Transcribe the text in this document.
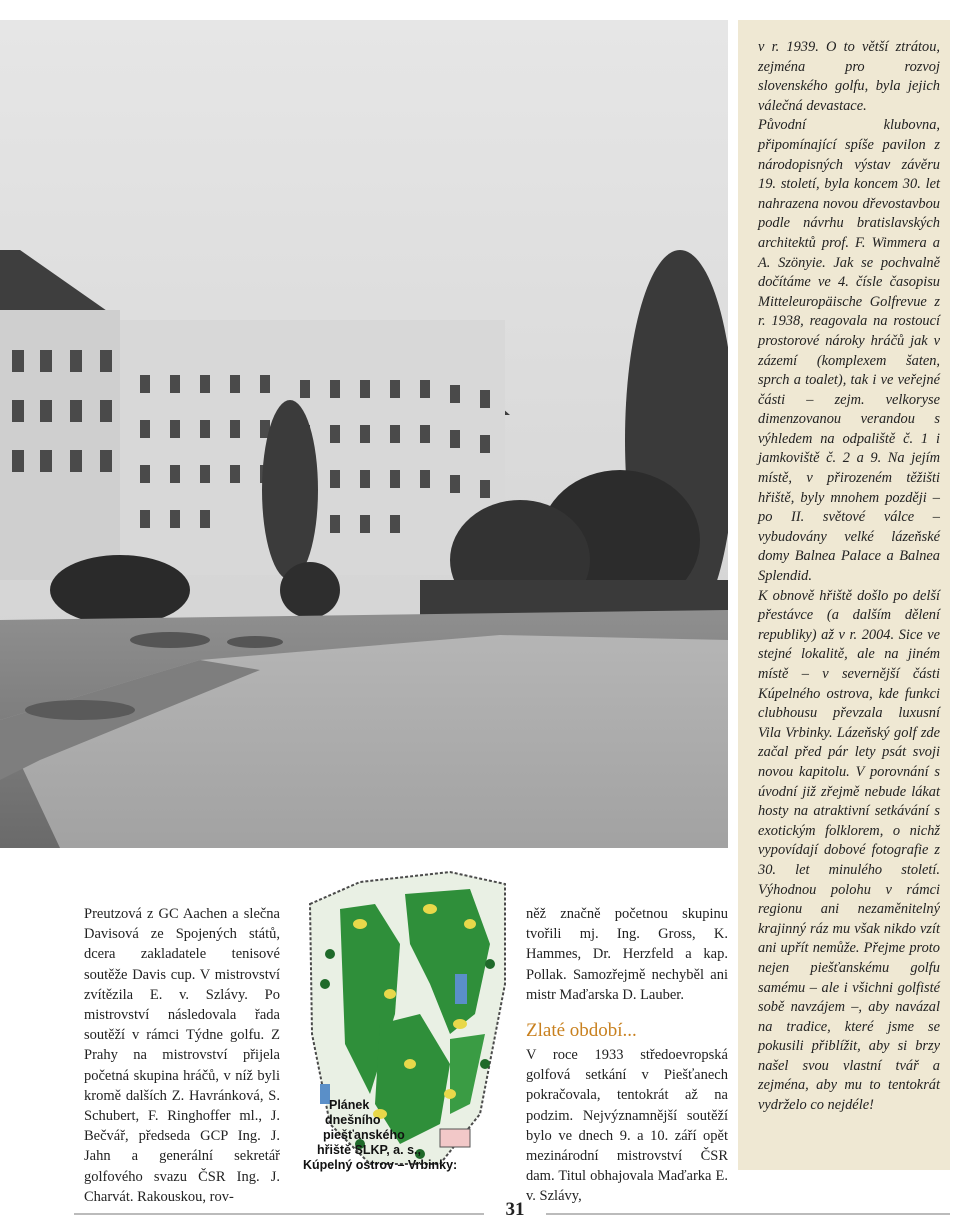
v r. 1939. O to větší ztrátou, zejména pro rozvoj slovenského golfu, byla jejich válečná devastace.

Původní klubovna, připomínající spíše pavilon z národopisných výstav závěru 19. století, byla koncem 30. let nahrazena novou dřevostavbou podle návrhu bratislavských architektů prof. F. Wimmera a A. Szönyie. Jak se pochvalně dočítáme ve 4. čísle časopisu Mitteleuropäische Golfrevue z r. 1938, reagovala na rostoucí prostorové nároky hráčů jak v zázemí (komplexem šaten, sprch a toalet), tak i ve veřejné části – zejm. velkoryse dimenzovanou verandou s výhledem na odpaliště č. 1 i jamkoviště č. 2 a 9. Na jejím místě, v přirozeném těžišti hřiště, byly mnohem později – po II. světové válce – vybudovány velké lázeňské domy Balnea Palace a Balnea Splendid.

K obnově hřiště došlo po delší přestávce (a dalším dělení republiky) až v r. 2004. Sice ve stejné lokalitě, ale na jiném místě – v severnější části Kúpelného ostrova, kde funkci clubhousu převzala luxusní Vila Vrbinky. Lázeňský golf zde začal před pár lety psát svoji novou kapitolu. V porovnání s úvodní již zřejmě nebude lákat hosty na atraktivní setkávání s exotickým folklorem, o nichž vypovídají dobové fotografie z 30. let minulého století. Výhodnou polohu v rámci regionu ani nezaměnitelný krajinný ráz mu však nikdo vzít ani upřít nemůže. Přejme proto nejen piešťanskému golfu samému – ale i všichni golfisté sobě navzájem –, aby navázal na tradice, které jsme se pokusili přiblížit, aby si brzy našel svou vlastní tvář a zejména, aby mu to tentokrát vydrželo co nejdéle!

Preutzová z GC Aachen a slečna Davisová ze Spojených států, dcera zakladatele tenisové soutěže Davis cup. V mistrovství zvítězila E. v. Szlávy. Po mistrovství následovala řada soutěží v rámci Týdne golfu. Z Prahy na mistrovství přijela početná skupina hráčů, v níž byli kromě dalších Z. Havránková, S. Schubert, F. Ringhoffer ml., J. Bečvář, předseda GCP Ing. J. Jahn a generální sekretář golfového svazu ČSR Ing. J. Charvát. Rakouskou, rov-

Plánek
dnešního
piešťanského
hřiště SLKP, a. s.,
Kúpelný ostrov – Vrbinky:

něž značně početnou skupinu tvořili mj. Ing. Gross, K. Hammes, Dr. Herzfeld a kap. Pollak. Samozřejmě nechyběl ani mistr Maďarska D. Lauber.

Zlaté období...

V roce 1933 středoevropská golfová setkání v Piešťanech pokračovala, tentokrát až na podzim. Nejvýznamnější soutěží bylo ve dnech 9. a 10. září opět mezinárodní mistrovství ČSR dam. Titul obhajovala Maďarka E. v. Szlávy,

31
